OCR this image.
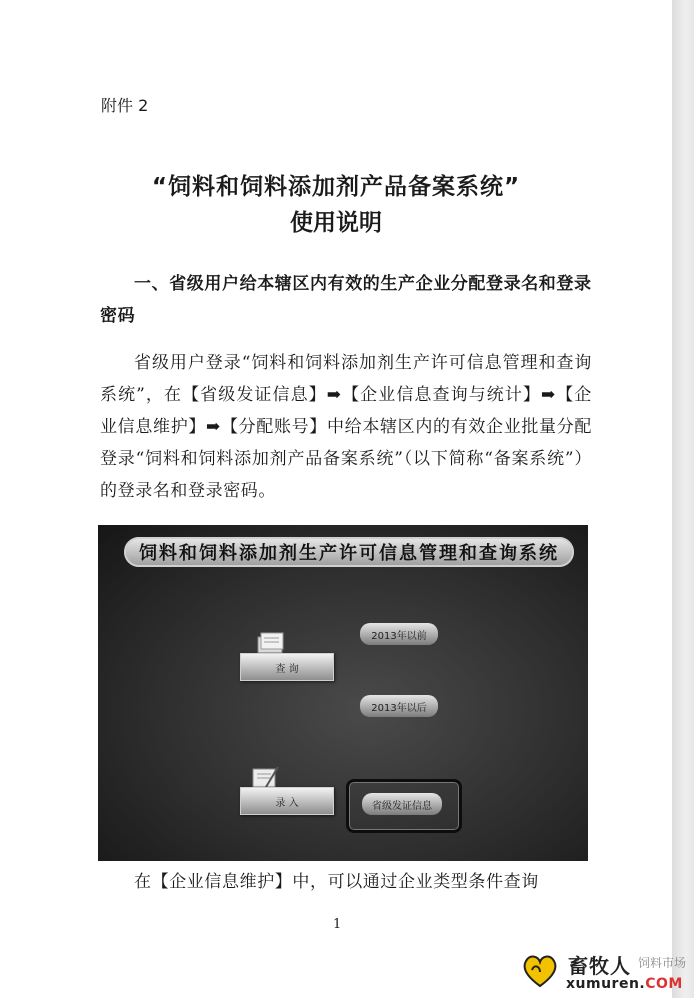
附件 2
“饲料和饲料添加剂产品备案系统”
使用说明
一、省级用户给本辖区内有效的生产企业分配登录名和登录密码
省级用户登录“饲料和饲料添加剂生产许可信息管理和查询系统”，在【省级发证信息】➡【企业信息查询与统计】➡【企业信息维护】➡【分配账号】中给本辖区内的有效企业批量分配登录“饲料和饲料添加剂产品备案系统”（以下简称“备案系统”）的登录名和登录密码。
饲料和饲料添加剂生产许可信息管理和查询系统
查 询
2013年以前
2013年以后
录 入	省级发证信息
在【企业信息维护】中，可以通过企业类型条件查询
1
畜牧人 饲料市场
xumuren.COM
